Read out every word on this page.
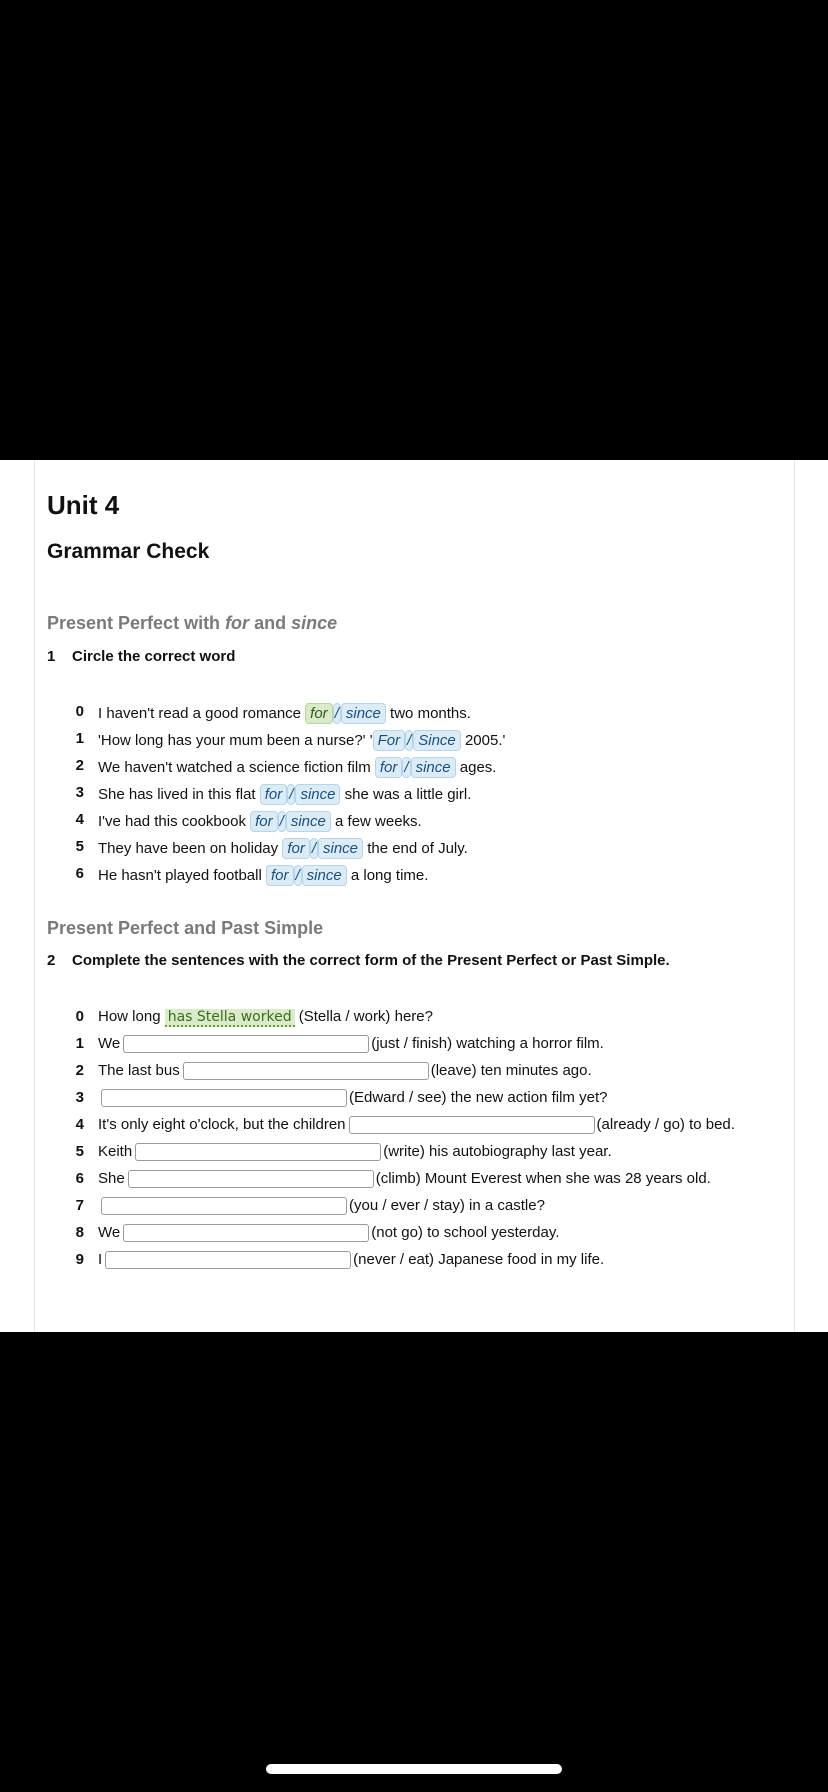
Unit 4
Grammar Check
Present Perfect with for and since
1 Circle the correct word
0 I haven't read a good romance for / since two months.
1 'How long has your mum been a nurse?' ' For / Since 2005.'
2 We haven't watched a science fiction film for / since ages.
3 She has lived in this flat for / since she was a little girl.
4 I've had this cookbook for / since a few weeks.
5 They have been on holiday for / since the end of July.
6 He hasn't played football for / since a long time.
Present Perfect and Past Simple
2 Complete the sentences with the correct form of the Present Perfect or Past Simple.
0 How long has Stella worked (Stella / work) here?
1 We	(just / finish) watching a horror film.
2 The last bus	(leave) ten minutes ago.
3	(Edward / see) the new action film yet?
4 It's only eight o'clock, but the children	(already / go) to bed.
5 Keith	(write) his autobiography last year.
6 She	(climb) Mount Everest when she was 28 years old.
7	(you / ever / stay) in a castle?
8 We	(not go) to school yesterday.
9 I	(never / eat) Japanese food in my life.
